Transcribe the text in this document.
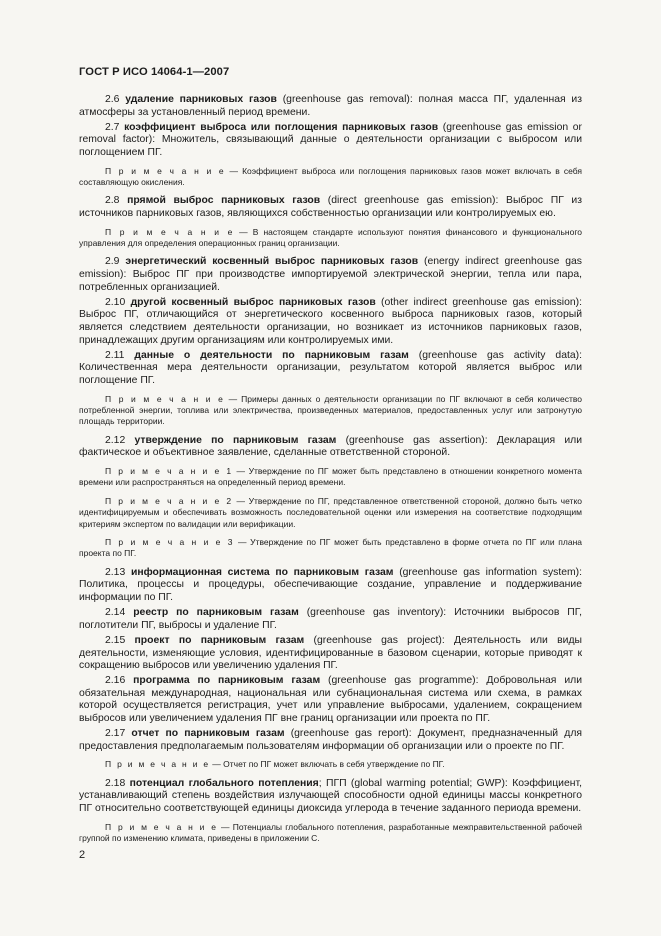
ГОСТ Р ИСО 14064-1—2007

2.6 удаление парниковых газов (greenhouse gas removal): полная масса ПГ, удаленная из атмосферы за установленный период времени.

2.7 коэффициент выброса или поглощения парниковых газов (greenhouse gas emission or removal factor): Множитель, связывающий данные о деятельности организации c выбросом или поглощением ПГ.

П р и м е ч а н и е — Коэффициент выброса или поглощения парниковых газов может включать в себя составляющую окисления.

2.8 прямой выброс парниковых газов (direct greenhouse gas emission): Выброс ПГ из источников парниковых газов, являющихся собственностью организации или контролируемых ею.

П р и м е ч а н и е — В настоящем стандарте используют понятия финансового и функционального управления для определения операционных границ организации.

2.9 энергетический косвенный выброс парниковых газов (energy indirect greenhouse gas emission): Выброс ПГ при производстве импортируемой электрической энергии, тепла или пара, потребленных организацией.

2.10 другой косвенный выброс парниковых газов (other indirect greenhouse gas emission): Выброс ПГ, отличающийся от энергетического косвенного выброса парниковых газов, который является следствием деятельности организации, но возникает из источников парниковых газов, принадлежащих другим организациям или контролируемых ими.

2.11 данные о деятельности по парниковым газам (greenhouse gas activity data): Количественная мера деятельности организации, результатом которой является выброс или поглощение ПГ.

П р и м е ч а н и е — Примеры данных о деятельности организации по ПГ включают в себя количество потребленной энергии, топлива или электричества, произведенных материалов, предоставленных услуг или затронутую площадь территории.

2.12 утверждение по парниковым газам (greenhouse gas assertion): Декларация или фактическое и объективное заявление, сделанные ответственной стороной.

П р и м е ч а н и е 1 — Утверждение по ПГ может быть представлено в отношении конкретного момента времени или распространяться на определенный период времени.

П р и м е ч а н и е 2 — Утверждение по ПГ, представленное ответственной стороной, должно быть четко идентифицируемым и обеспечивать возможность последовательной оценки или измерения на соответствие подходящим критериям экспертом по валидации или верификации.

П р и м е ч а н и е 3 — Утверждение по ПГ может быть представлено в форме отчета по ПГ или плана проекта по ПГ.

2.13 информационная система по парниковым газам (greenhouse gas information system): Политика, процессы и процедуры, обеспечивающие создание, управление и поддерживание информации по ПГ.

2.14 реестр по парниковым газам (greenhouse gas inventory): Источники выбросов ПГ, поглотители ПГ, выбросы и удаление ПГ.

2.15 проект по парниковым газам (greenhouse gas project): Деятельность или виды деятельности, изменяющие условия, идентифицированные в базовом сценарии, которые приводят к сокращению выбросов или увеличению удаления ПГ.

2.16 программа по парниковым газам (greenhouse gas programme): Добровольная или обязательная международная, национальная или субнациональная система или схема, в рамках которой осуществляется регистрация, учет или управление выбросами, удалением, сокращением выбросов или увеличением удаления ПГ вне границ организации или проекта по ПГ.

2.17 отчет по парниковым газам (greenhouse gas report): Документ, предназначенный для предоставления предполагаемым пользователям информации об организации или о проекте по ПГ.

П р и м е ч а н и е — Отчет по ПГ может включать в себя утверждение по ПГ.

2.18 потенциал глобального потепления; ПГП (global warming potential; GWP): Коэффициент, устанавливающий степень воздействия излучающей способности одной единицы массы конкретного ПГ относительно соответствующей единицы диоксида углерода в течение заданного периода времени.

П р и м е ч а н и е — Потенциалы глобального потепления, разработанные межправительственной рабочей группой по изменению климата, приведены в приложении С.

2
